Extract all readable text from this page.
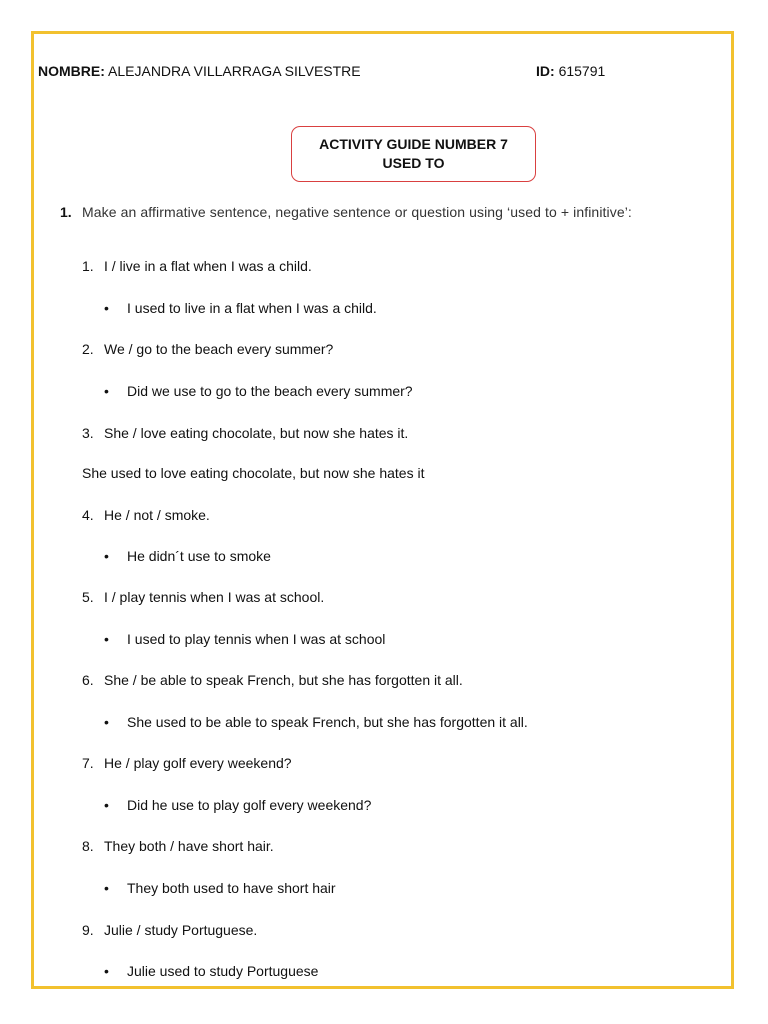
NOMBRE: ALEJANDRA VILLARRAGA SILVESTRE	ID: 615791
ACTIVITY GUIDE NUMBER 7
USED TO
1. Make an affirmative sentence, negative sentence or question using ‘used to + infinitive’:
1. I / live in a flat when I was a child.
• I used to live in a flat when I was a child.
2. We / go to the beach every summer?
• Did we use to go to the beach every summer?
3. She / love eating chocolate, but now she hates it.
She used to love eating chocolate, but now she hates it
4. He / not / smoke.
• He didn´t use to smoke
5. I / play tennis when I was at school.
• I used to play tennis when I was at school
6. She / be able to speak French, but she has forgotten it all.
• She used to be able to speak French, but she has forgotten it all.
7. He / play golf every weekend?
• Did he use to play golf every weekend?
8. They both / have short hair.
• They both used to have short hair
9. Julie / study Portuguese.
• Julie used to study Portuguese
